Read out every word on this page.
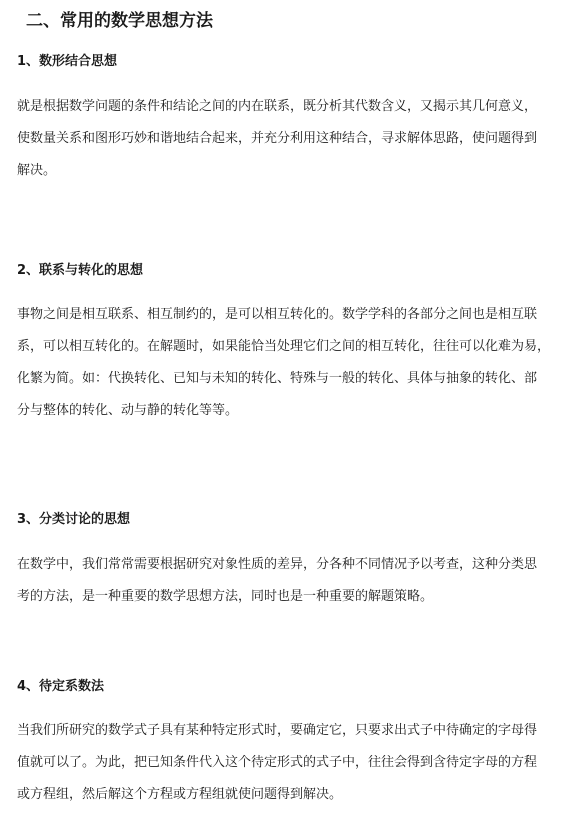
二、常用的数学思想方法
1、数形结合思想

就是根据数学问题的条件和结论之间的内在联系，既分析其代数含义，又揭示其几何意义，
使数量关系和图形巧妙和谐地结合起来，并充分利用这种结合，寻求解体思路，使问题得到
解决。

2、联系与转化的思想

事物之间是相互联系、相互制约的，是可以相互转化的。数学学科的各部分之间也是相互联
系，可以相互转化的。在解题时，如果能恰当处理它们之间的相互转化，往往可以化难为易，
化繁为简。如：代换转化、已知与未知的转化、特殊与一般的转化、具体与抽象的转化、部
分与整体的转化、动与静的转化等等。

3、分类讨论的思想

在数学中，我们常常需要根据研究对象性质的差异，分各种不同情况予以考查，这种分类思
考的方法，是一种重要的数学思想方法，同时也是一种重要的解题策略。

4、待定系数法

当我们所研究的数学式子具有某种特定形式时，要确定它，只要求出式子中待确定的字母得
值就可以了。为此，把已知条件代入这个待定形式的式子中，往往会得到含待定字母的方程
或方程组，然后解这个方程或方程组就使问题得到解决。
